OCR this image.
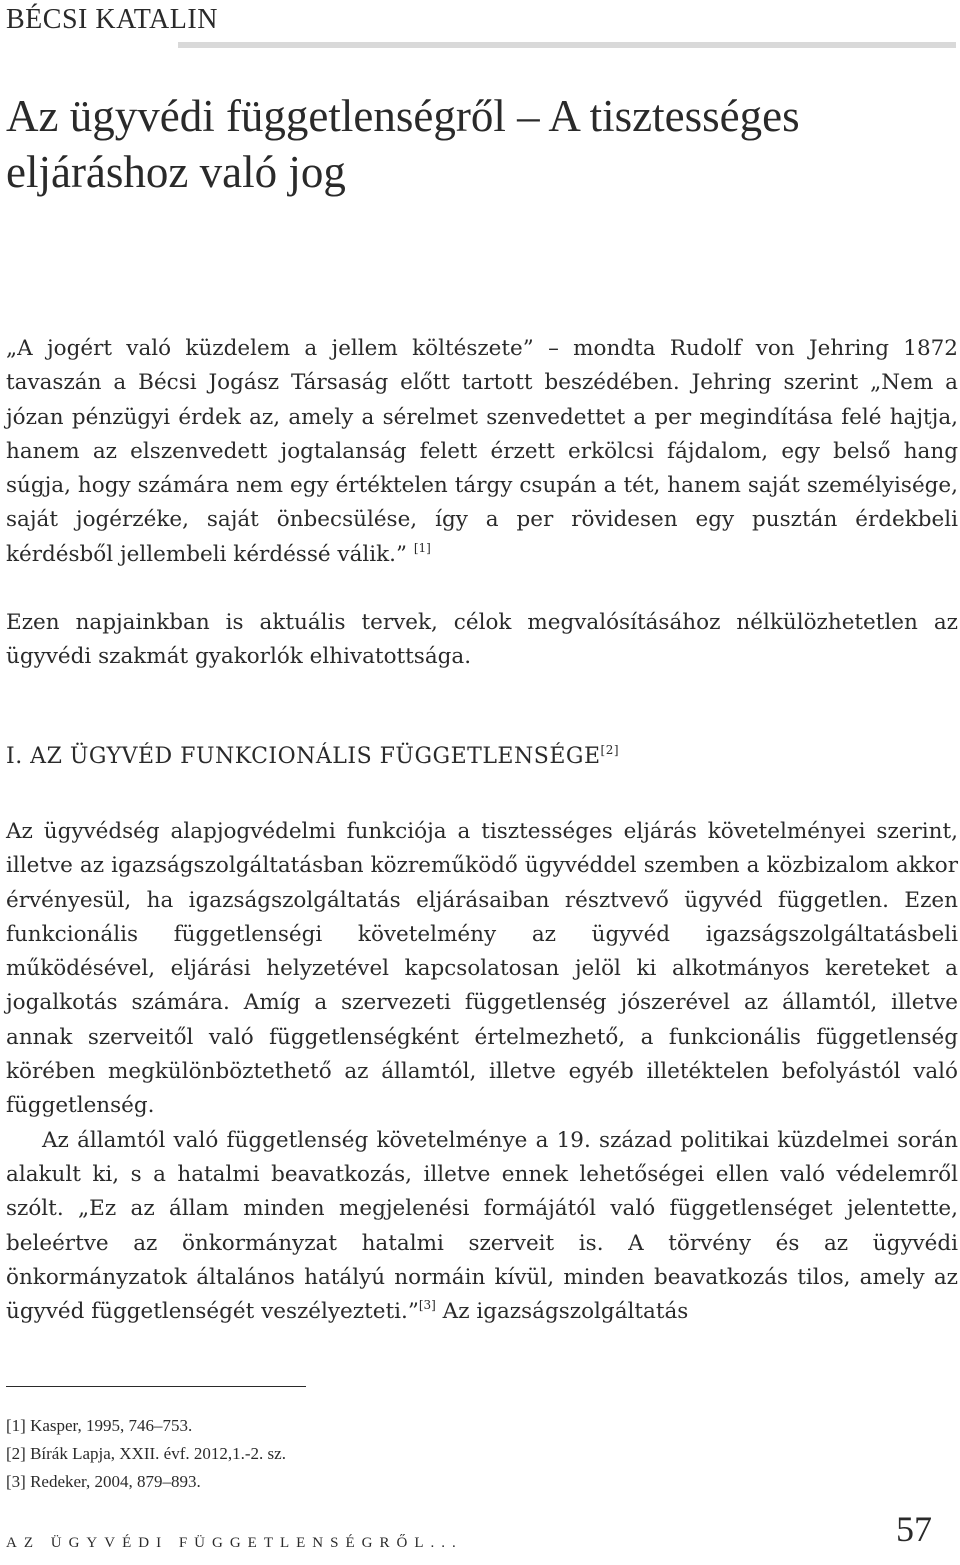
BÉCSI KATALIN
Az ügyvédi függetlenségről – A tisztességes eljáráshoz való jog
„A jogért való küzdelem a jellem költészete” – mondta Rudolf von Jehring 1872 tavaszán a Bécsi Jogász Társaság előtt tartott beszédében. Jehring szerint „Nem a józan pénzügyi érdek az, amely a sérelmet szenvedettet a per megindítása felé hajtja, hanem az elszenvedett jogtalanság felett érzett erkölcsi fájdalom, egy belső hang súgja, hogy számára nem egy értéktelen tárgy csupán a tét, hanem saját személyisége, saját jogérzéke, saját önbecsülése, így a per rövidesen egy pusztán érdekbeli kérdésből jellembeli kérdéssé válik.” [1]
Ezen napjainkban is aktuális tervek, célok megvalósításához nélkülözhetetlen az ügyvédi szakmát gyakorlók elhivatottsága.
I. AZ ÜGYVÉD FUNKCIONÁLIS FÜGGETLENSÉGE[2]

Az ügyvédség alapjogvédelmi funkciója a tisztességes eljárás követelményei szerint, illetve az igazságszolgáltatásban közreműködő ügyvéddel szemben a közbizalom akkor érvényesül, ha igazságszolgáltatás eljárásaiban résztvevő ügyvéd független. Ezen funkcionális függetlenségi követelmény az ügyvéd igazságszolgáltatásbeli működésével, eljárási helyzetével kapcsolatosan jelöl ki alkotmányos kereteket a jogalkotás számára. Amíg a szervezeti függetlenség jószerével az államtól, illetve annak szerveitől való függetlenségként értelmezhető, a funkcionális függetlenség körében megkülönböztethető az államtól, illetve egyéb illetéktelen befolyástól való függetlenség.

Az államtól való függetlenség követelménye a 19. század politikai küzdelmei során alakult ki, s a hatalmi beavatkozás, illetve ennek lehetőségei ellen való védelemről szólt. „Ez az állam minden megjelenési formájától való függetlenséget jelentette, beleértve az önkormányzat hatalmi szerveit is. A törvény és az ügyvédi önkormányzatok általános hatályú normáin kívül, minden beavatkozás tilos, amely az ügyvéd függetlenségét veszélyezteti.”[3] Az igazságszolgáltatás

[1] Kasper, 1995, 746–753.
[2] Bírák Lapja, XXII. évf. 2012,1.-2. sz.
[3] Redeker, 2004, 879–893.
AZ ÜGYVÉDI FÜGGETLENSÉGRŐL...	57
